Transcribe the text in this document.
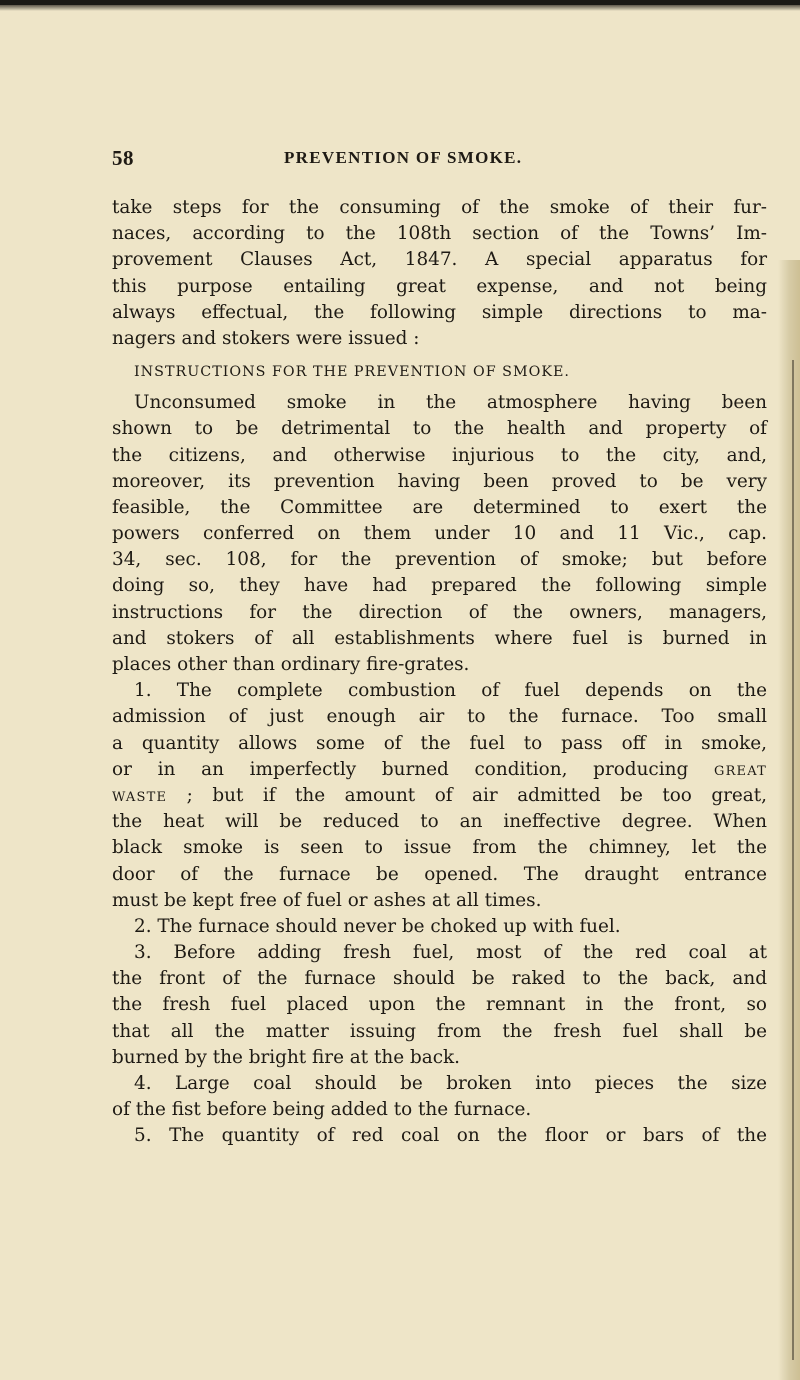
58	PREVENTION OF SMOKE.
take steps for the consuming of the smoke of their fur-
naces, according to the 108th section of the Towns’ Im-
provement Clauses Act, 1847. A special apparatus for
this purpose entailing great expense, and not being
always effectual, the following simple directions to ma-
nagers and stokers were issued :
INSTRUCTIONS FOR THE PREVENTION OF SMOKE.
Unconsumed smoke in the atmosphere having been
shown to be detrimental to the health and property of
the citizens, and otherwise injurious to the city, and,
moreover, its prevention having been proved to be very
feasible, the Committee are determined to exert the
powers conferred on them under 10 and 11 Vic., cap.
34, sec. 108, for the prevention of smoke; but before
doing so, they have had prepared the following simple
instructions for the direction of the owners, managers,
and stokers of all establishments where fuel is burned in
places other than ordinary fire-grates.
1. The complete combustion of fuel depends on the
admission of just enough air to the furnace. Too small
a quantity allows some of the fuel to pass off in smoke,
or in an imperfectly burned condition, producing GREAT
WASTE ; but if the amount of air admitted be too great,
the heat will be reduced to an ineffective degree. When
black smoke is seen to issue from the chimney, let the
door of the furnace be opened. The draught entrance
must be kept free of fuel or ashes at all times.
2. The furnace should never be choked up with fuel.
3. Before adding fresh fuel, most of the red coal at
the front of the furnace should be raked to the back, and
the fresh fuel placed upon the remnant in the front, so
that all the matter issuing from the fresh fuel shall be
burned by the bright fire at the back.
4. Large coal should be broken into pieces the size
of the fist before being added to the furnace.
5. The quantity of red coal on the floor or bars of the
